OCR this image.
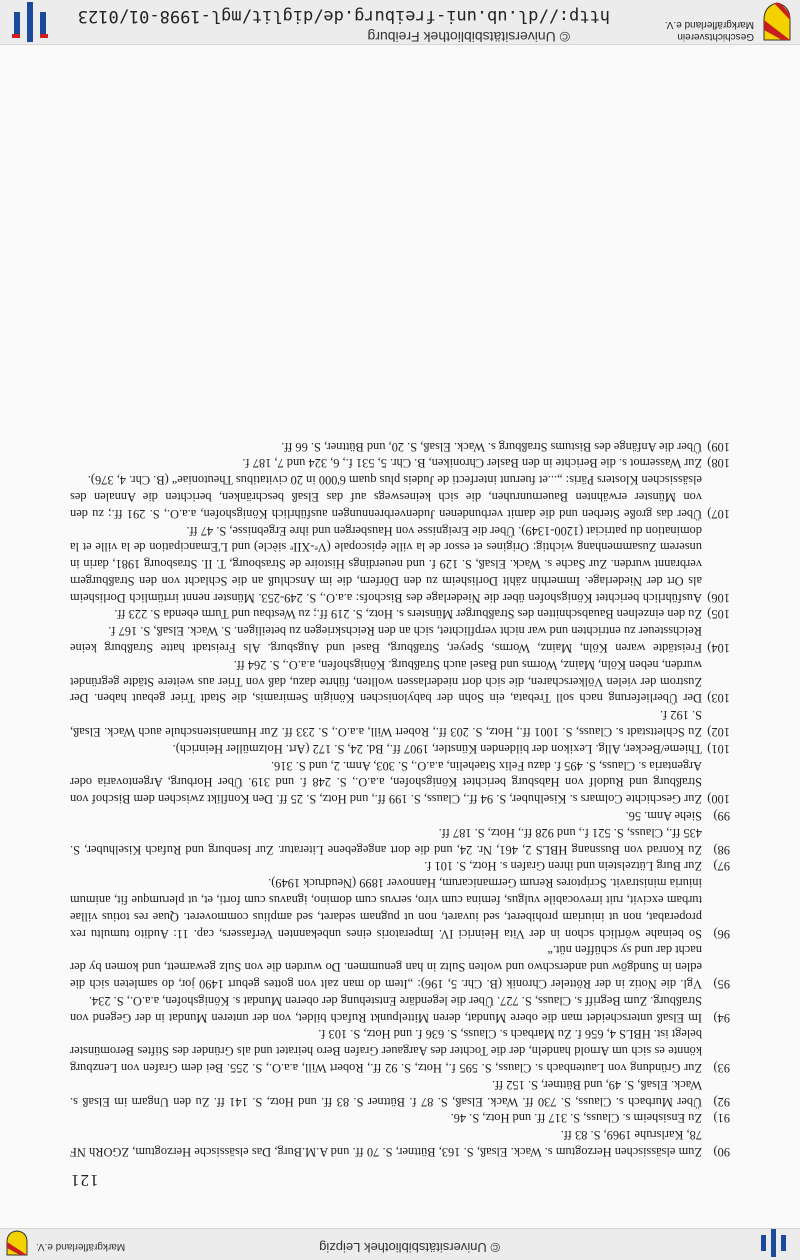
Geschichtsverein Markgräflerland e.V.
© Universitätsbibliothek Freiburg
http://dl.ub.uni-freiburg.de/diglit/mgl-1998-01/0123
© Universitätsbibliothek Leipzig
Markgräflerland e.V.
121
90)
Zum elsässischen Herzogtum s. Wack. Elsaß, S. 163, Büttner, S. 70 ff. und A.M.Burg, Das elsässische Herzogtum, ZGORh NF 78, Karlsruhe 1969, S. 83 ff.
91)
Zu Ensisheim s. Clauss, S. 317 ff. und Hotz, S. 46.
92)
Über Murbach s. Clauss, S. 730 ff. Wack. Elsaß, S. 87 f. Büttner S. 83 ff. und Hotz, S. 141 ff. Zu den Ungarn im Elsaß s. Wack. Elsaß, S. 49, und Büttner, S. 152 ff.
93)
Zur Gründung von Lautenbach s. Clauss, S. 595 f., Hotz, S. 92 ff., Robert Will, a.a.O., S. 255. Bei dem Grafen von Lenzburg könnte es sich um Arnold handeln, der die Tochter des Aargauer Grafen Bero heiratet und als Gründer des Stiftes Beromünster belegt ist. HBLS 4, 656 f. Zu Marbach s. Clauss, S. 636 f. und Hotz, S. 103 f.
94)
Im Elsaß unterscheidet man die obere Mundat, deren Mittelpunkt Rufach bildet, von der unteren Mundat in der Gegend von Straßburg. Zum Begriff s. Clauss, S. 727. Über die legendäre Entstehung der oberen Mundat s. Königshofen, a.a.O., S. 234.
95)
Vgl. die Notiz in der Rötteler Chronik (B. Chr. 5, 196): „Item do man zalt von gottes geburt 1490 jor, do samleten sich die edlen in Sundgöw und anderschwo und wolten Sultz in han genummen. Do wurden die von Sulz gewarnett, und komen by der nacht dar und sy schüffen nüt.“
96)
So beinahe wörtlich schon in der Vita Heinrici IV. Imperatoris eines unbekannten Verfassers, cap. 11: Audito tumultu rex properabat, non ut iniuriam prohiberet, sed iuvaret, non ut pugnam sedaret, sed amplius commoveret. Quae res totius villae turbam excivit, ruit irrevocabile vulgus, femina cum viro, servus cum domino, ignavus cum forti, et, ut plerumque fit, animum iniuria ministravit. Scriptores Rerum Germanicarum, Hannover 1899 (Neudruck 1949).
97)
Zur Burg Lützelstein und ihren Grafen s. Hotz, S. 101 f.
98)
Zu Konrad von Bussnang HBLS 2, 461, Nr. 24, und die dort angegebene Literatur. Zur Isenburg und Rufach Kiselhuber, S. 435 ff., Clauss, S. 521 f., und 928 ff., Hotz, S. 187 ff.
99)
Siehe Anm. 56.
100)
Zur Geschichte Colmars s. Kiselhuber, S. 94 ff., Clauss, S. 199 ff., und Hotz, S. 25 ff. Den Konflikt zwischen dem Bischof von Straßburg und Rudolf von Habsburg berichtet Königshofen, a.a.O., S. 248 f. und 319. Über Horburg, Argentovaria oder Argentaria s. Clauss, S. 495 f. dazu Felix Staehelin, a.a.O., S. 303, Anm. 2, und S. 316.
101)
Thieme/Becker, Allg. Lexikon der bildenden Künstler, 1907 ff., Bd. 24, S. 172 (Art. Holzmüller Heinrich).
102)
Zu Schlettstadt s. Clauss, S. 1001 ff., Hotz, S. 203 ff., Robert Will, a.a.O., S. 233 ff. Zur Humanistenschule auch Wack. Elsaß, S. 192 f.
103)
Der Überlieferung nach soll Trebata, ein Sohn der babylonischen Königin Semiramis, die Stadt Trier gebaut haben. Der Zustrom der vielen Völkerscharen, die sich dort niederlassen wollten, führte dazu, daß von Trier aus weitere Städte gegründet wurden, neben Köln, Mainz, Worms und Basel auch Straßburg. Königshofen, a.a.O., S. 264 ff.
104)
Freistädte waren Köln, Mainz, Worms, Speyer, Straßburg, Basel und Augsburg. Als Freistadt hatte Straßburg keine Reichssteuer zu entrichten und war nicht verpflichtet, sich an den Reichskriegen zu beteiligen. S. Wack. Elsaß, S. 167 f.
105)
Zu den einzelnen Bauabschnitten des Straßburger Münsters s. Hotz, S. 219 ff.; zu Westbau und Turm ebenda S. 223 ff.
106)
Ausführlich berichtet Königshofen über die Niederlage des Bischofs: a.a.O., S. 249-253. Münster nennt irrtümlich Dorlisheim als Ort der Niederlage. Immerhin zählt Dorlisheim zu den Dörfern, die im Anschluß an die Schlacht von den Straßburgern verbrannt wurden. Zur Sache s. Wack. Elsaß, S. 129 f. und neuerdings Histoire de Strasbourg, T. II. Strasbourg 1981, darin in unserem Zusammenhang wichtig: Origines et essor de la ville épiscopale (Vᵉ-XIIᵉ siècle) und L'Emancipation de la ville et la domination du patriciat (1200-1349). Über die Ereignisse von Hausbergen und ihre Ergebnisse, S. 47 ff.
107)
Über das große Sterben und die damit verbundenen Judenverbrennungen ausführlich Königshofen, a.a.O., S. 291 ff.; zu den von Münster erwähnten Bauernunruhen, die sich keineswegs auf das Elsaß beschränken, berichten die Annalen des elsässischen Klosters Päris: „...et fuerunt interfecti de Judeis plus quam 6'000 in 20 civitatibus Theutoniae“ (B. Chr. 4, 376).
108)
Zur Wassernot s. die Berichte in den Basler Chroniken, B. Chr. 5, 531 f., 6, 324 und 7, 187 f.
109)
Über die Anfänge des Bistums Straßburg s. Wack. Elsaß, S. 20, und Büttner, S. 66 ff.
